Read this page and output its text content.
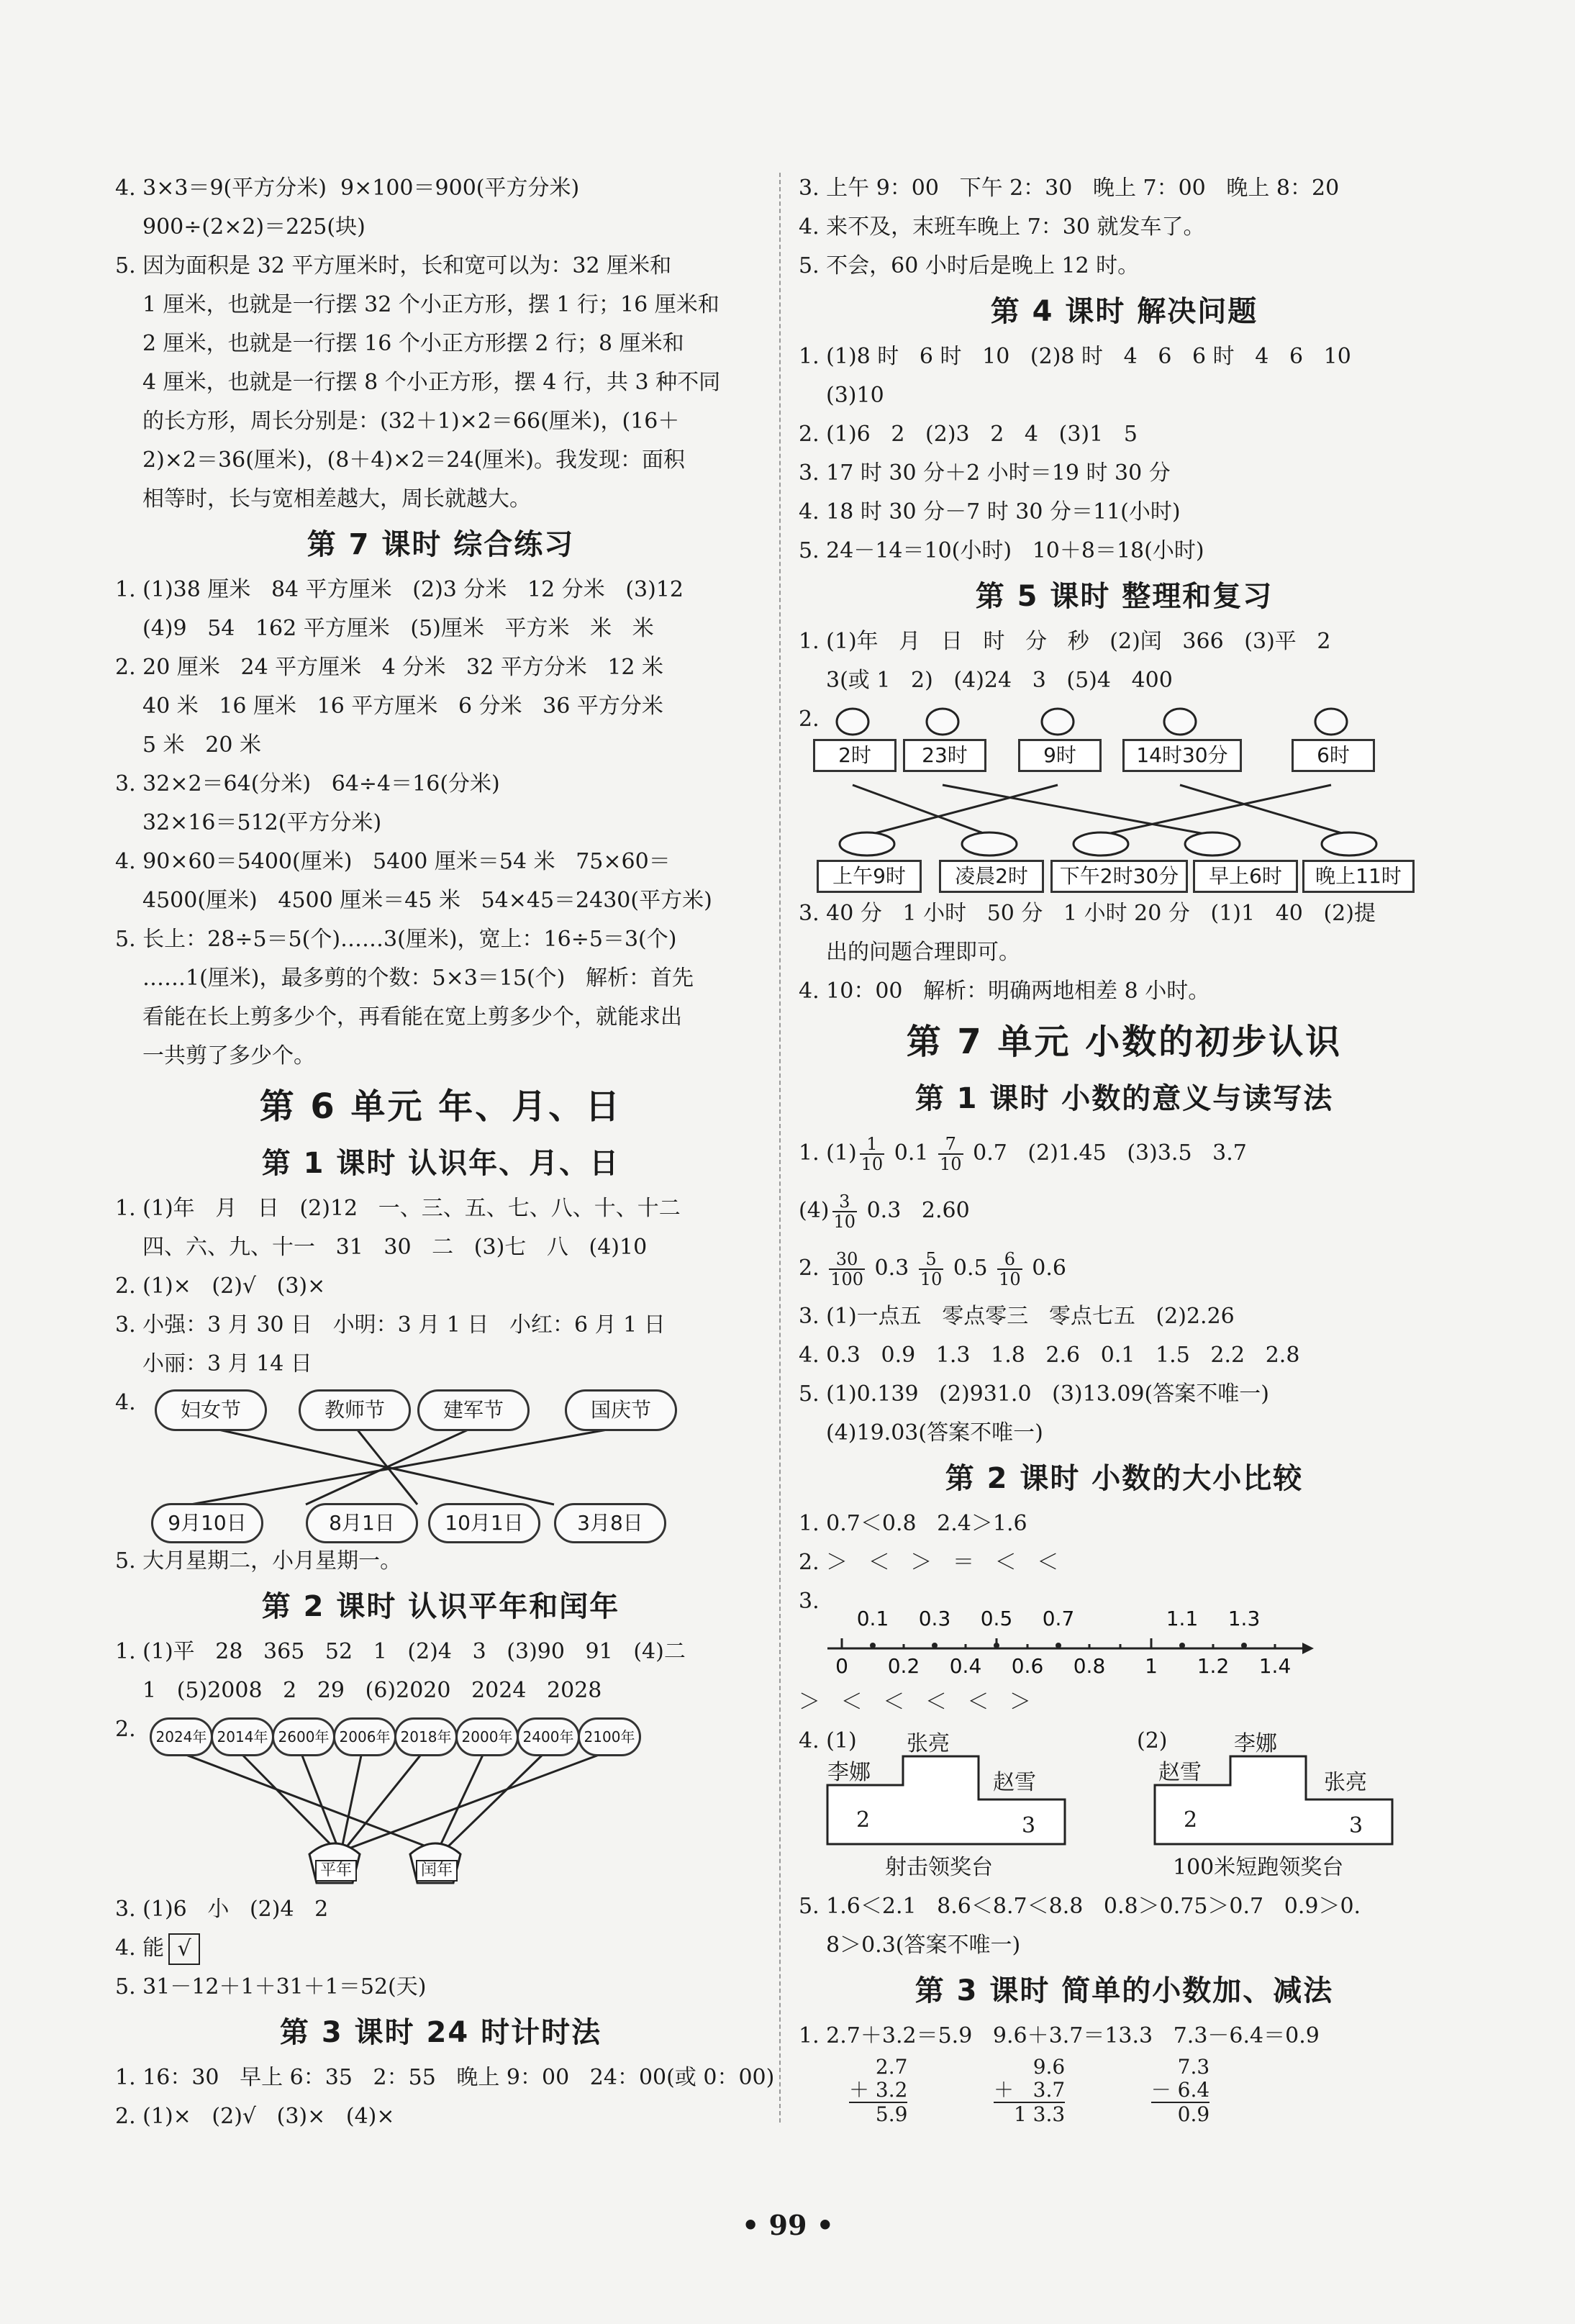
4. 3×3＝9(平方分米)  9×100＝900(平方分米)
900÷(2×2)＝225(块)
5. 因为面积是 32 平方厘米时，长和宽可以为：32 厘米和
1 厘米，也就是一行摆 32 个小正方形，摆 1 行；16 厘米和
2 厘米，也就是一行摆 16 个小正方形摆 2 行；8 厘米和
4 厘米，也就是一行摆 8 个小正方形，摆 4 行，共 3 种不同
的长方形，周长分别是：(32＋1)×2＝66(厘米)，(16＋
2)×2＝36(厘米)，(8＋4)×2＝24(厘米)。我发现：面积
相等时，长与宽相差越大，周长就越大。
第 7 课时 综合练习
1. (1)38 厘米   84 平方厘米   (2)3 分米   12 分米   (3)12
(4)9   54   162 平方厘米   (5)厘米   平方米   米   米
2. 20 厘米   24 平方厘米   4 分米   32 平方分米   12 米
40 米   16 厘米   16 平方厘米   6 分米   36 平方分米
5 米   20 米
3. 32×2＝64(分米)   64÷4＝16(分米)
32×16＝512(平方分米)
4. 90×60＝5400(厘米)   5400 厘米＝54 米   75×60＝
4500(厘米)   4500 厘米＝45 米   54×45＝2430(平方米)
5. 长上：28÷5＝5(个)……3(厘米)，宽上：16÷5＝3(个)
……1(厘米)，最多剪的个数：5×3＝15(个)   解析：首先
看能在长上剪多少个，再看能在宽上剪多少个，就能求出
一共剪了多少个。
第 6 单元 年、月、日
第 1 课时 认识年、月、日
1. (1)年   月   日   (2)12   一、三、五、七、八、十、十二
四、六、九、十一   31   30   二   (3)七   八   (4)10
2. (1)×   (2)√   (3)×
3. 小强：3 月 30 日   小明：3 月 1 日   小红：6 月 1 日
小丽：3 月 14 日
4.	妇女节	教师节	建军节	国庆节
9月10日	8月1日	10月1日	3月8日
5. 大月星期二，小月星期一。
第 2 课时 认识平年和闰年
1. (1)平   28   365   52   1   (2)4   3   (3)90   91   (4)二
1   (5)2008   2   29   (6)2020   2024   2028
2.	2024年 2014年 2600年 2006年 2018年 2000年 2400年 2100年
平年	闰年
3. (1)6   小   (2)4   2
4. 能 √
5. 31－12＋1＋31＋1＝52(天)
第 3 课时 24 时计时法
1. 16：30   早上 6：35   2：55   晚上 9：00   24：00(或 0：00)
2. (1)×   (2)√   (3)×   (4)×
3. 上午 9：00   下午 2：30   晚上 7：00   晚上 8：20
4. 来不及，末班车晚上 7：30 就发车了。
5. 不会，60 小时后是晚上 12 时。
第 4 课时 解决问题
1. (1)8 时   6 时   10   (2)8 时   4   6   6 时   4   6   10
(3)10
2. (1)6   2   (2)3   2   4   (3)1   5
3. 17 时 30 分＋2 小时＝19 时 30 分
4. 18 时 30 分－7 时 30 分＝11(小时)
5. 24－14＝10(小时)   10＋8＝18(小时)
第 5 课时 整理和复习
1. (1)年   月   日   时   分   秒   (2)闰   366   (3)平   2
3(或 1   2)   (4)24   3   (5)4   400
2.
2时	23时	9时	14时30分	6时
上午9时	凌晨2时	下午2时30分	早上6时	晚上11时
3. 40 分   1 小时   50 分   1 小时 20 分   (1)1   40   (2)提
出的问题合理即可。
4. 10：00   解析：明确两地相差 8 小时。
第 7 单元 小数的初步认识
第 1 课时 小数的意义与读写法
1. $(1) \frac{1}{10} 0.1 \frac{7}{10} 0.7$   (2)1.45   (3)3.5   3.7
$(4) \frac{3}{10} 0.3$   2.60
2. $\frac{30}{100} 0.3 \frac{5}{10} 0.5 \frac{6}{10} 0.6$
3. (1)一点五   零点零三   零点七五   (2)2.26
4. 0.3   0.9   1.3   1.8   2.6   0.1   1.5   2.2   2.8
5. (1)0.139   (2)931.0   (3)13.09(答案不唯一)
(4)19.03(答案不唯一)
第 2 课时 小数的大小比较
1. 0.7＜0.8   2.4＞1.6
2. ＞   ＜   ＞   ＝   ＜   ＜
3.
0.1 0.3 0.5 0.7	1.1 1.3
0 0.2 0.4 0.6 0.8 1 1.2 1.4
＞   ＜   ＜   ＜   ＜   ＞
4. (1)	(2)
张亮
李娜	赵雪
2	3
射击领奖台
李娜
赵雪	张亮
2	3
100米短跑领奖台
5. 1.6＜2.1   8.6＜8.7＜8.8   0.8＞0.75＞0.7   0.9＞0.
8＞0.3(答案不唯一)
第 3 课时 简单的小数加、减法
1. 2.7＋3.2＝5.9   9.6＋3.7＝13.3   7.3－6.4＝0.9
2.7
＋ 3.2
5.9

9.6
＋   3.7
1 3.3

7.3
－ 6.4
0.9
• 99 •
